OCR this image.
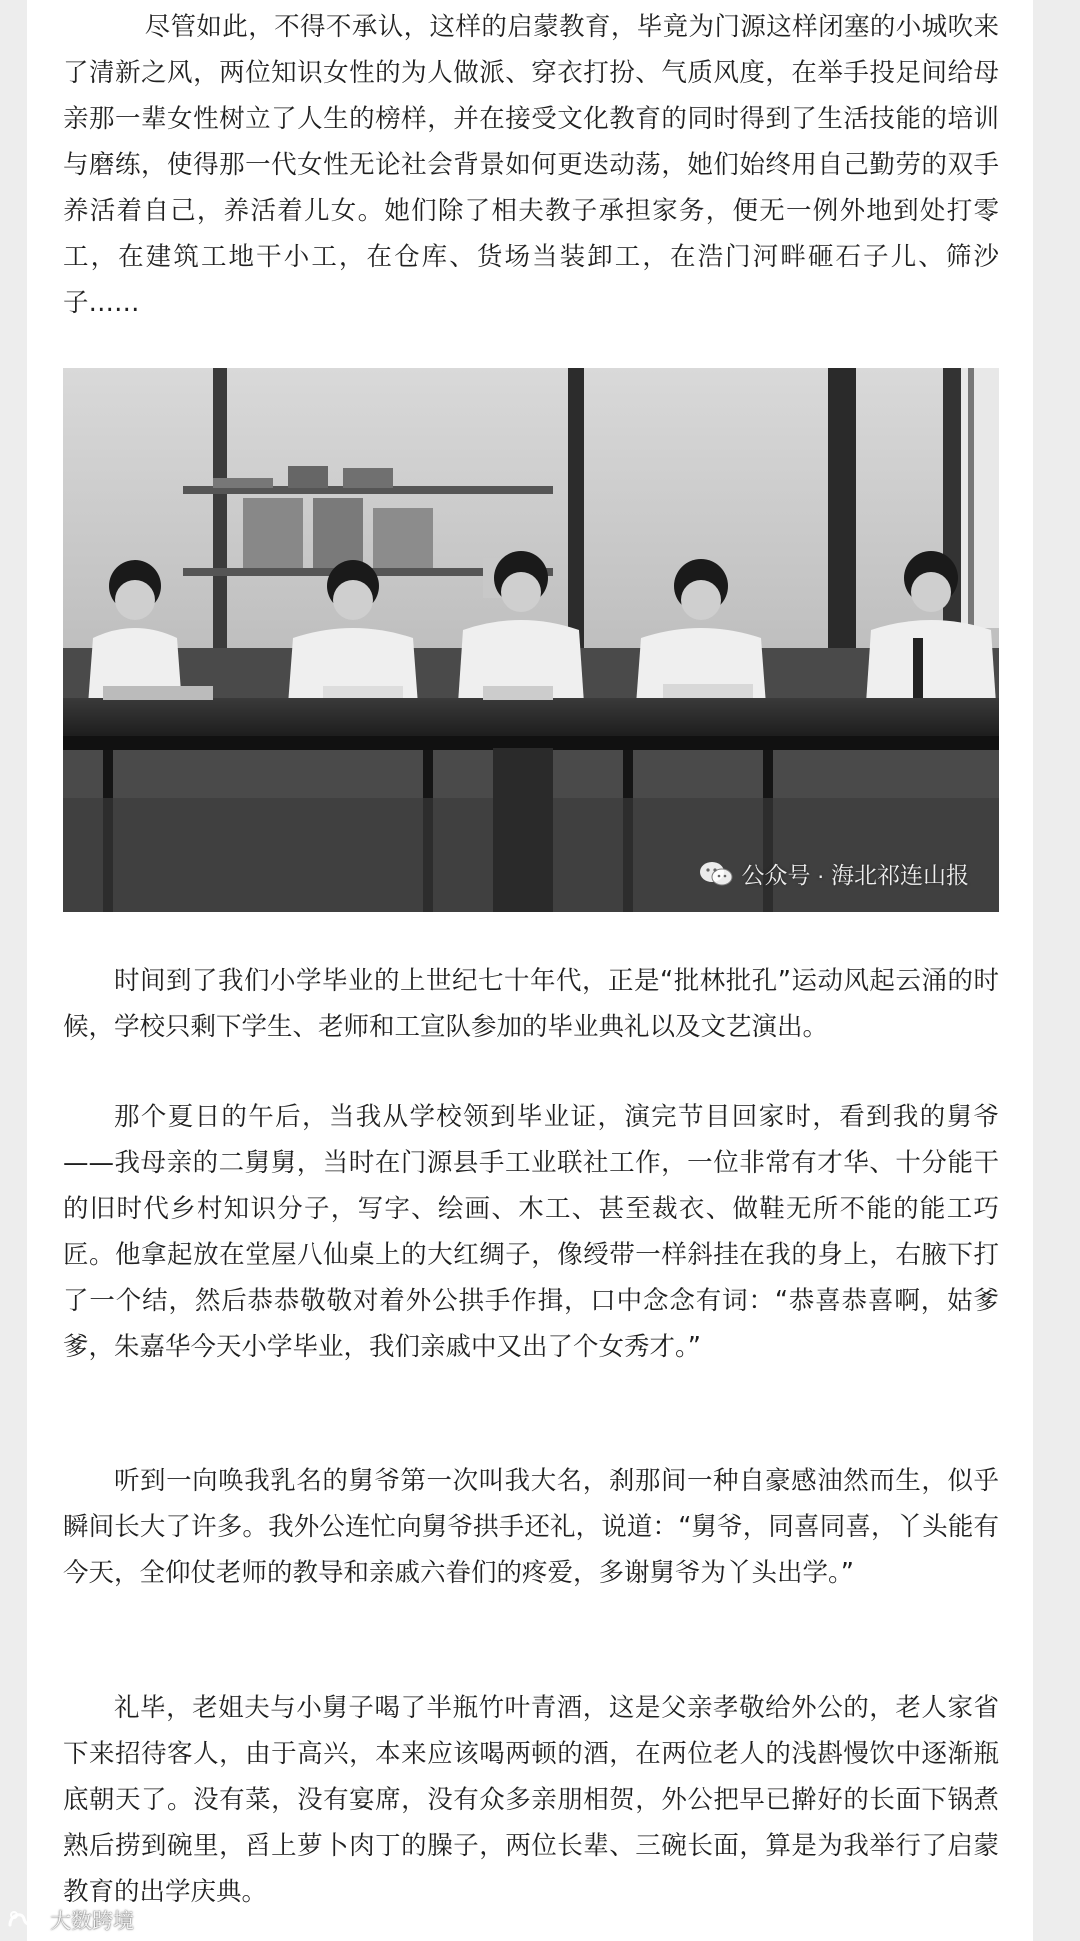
尽管如此，不得不承认，这样的启蒙教育，毕竟为门源这样闭塞的小城吹来了清新之风，两位知识女性的为人做派、穿衣打扮、气质风度，在举手投足间给母亲那一辈女性树立了人生的榜样，并在接受文化教育的同时得到了生活技能的培训与磨练，使得那一代女性无论社会背景如何更迭动荡，她们始终用自己勤劳的双手养活着自己，养活着儿女。她们除了相夫教子承担家务，便无一例外地到处打零工，在建筑工地干小工，在仓库、货场当装卸工，在浩门河畔砸石子儿、筛沙子……

时间到了我们小学毕业的上世纪七十年代，正是“批林批孔”运动风起云涌的时候，学校只剩下学生、老师和工宣队参加的毕业典礼以及文艺演出。

那个夏日的午后，当我从学校领到毕业证，演完节目回家时，看到我的舅爷——我母亲的二舅舅，当时在门源县手工业联社工作，一位非常有才华、十分能干的旧时代乡村知识分子，写字、绘画、木工、甚至裁衣、做鞋无所不能的能工巧匠。他拿起放在堂屋八仙桌上的大红绸子，像绶带一样斜挂在我的身上，右腋下打了一个结，然后恭恭敬敬对着外公拱手作揖，口中念念有词：“恭喜恭喜啊，姑爹爹，朱嘉华今天小学毕业，我们亲戚中又出了个女秀才。”

听到一向唤我乳名的舅爷第一次叫我大名，刹那间一种自豪感油然而生，似乎瞬间长大了许多。我外公连忙向舅爷拱手还礼，说道：“舅爷，同喜同喜，丫头能有今天，全仰仗老师的教导和亲戚六眷们的疼爱，多谢舅爷为丫头出学。”

礼毕，老姐夫与小舅子喝了半瓶竹叶青酒，这是父亲孝敬给外公的，老人家省下来招待客人，由于高兴，本来应该喝两顿的酒，在两位老人的浅斟慢饮中逐渐瓶底朝天了。没有菜，没有宴席，没有众多亲朋相贺，外公把早已擀好的长面下锅煮熟后捞到碗里，舀上萝卜肉丁的臊子，两位长辈、三碗长面，算是为我举行了启蒙教育的出学庆典。

公众号 · 海北祁连山报
大数跨境
